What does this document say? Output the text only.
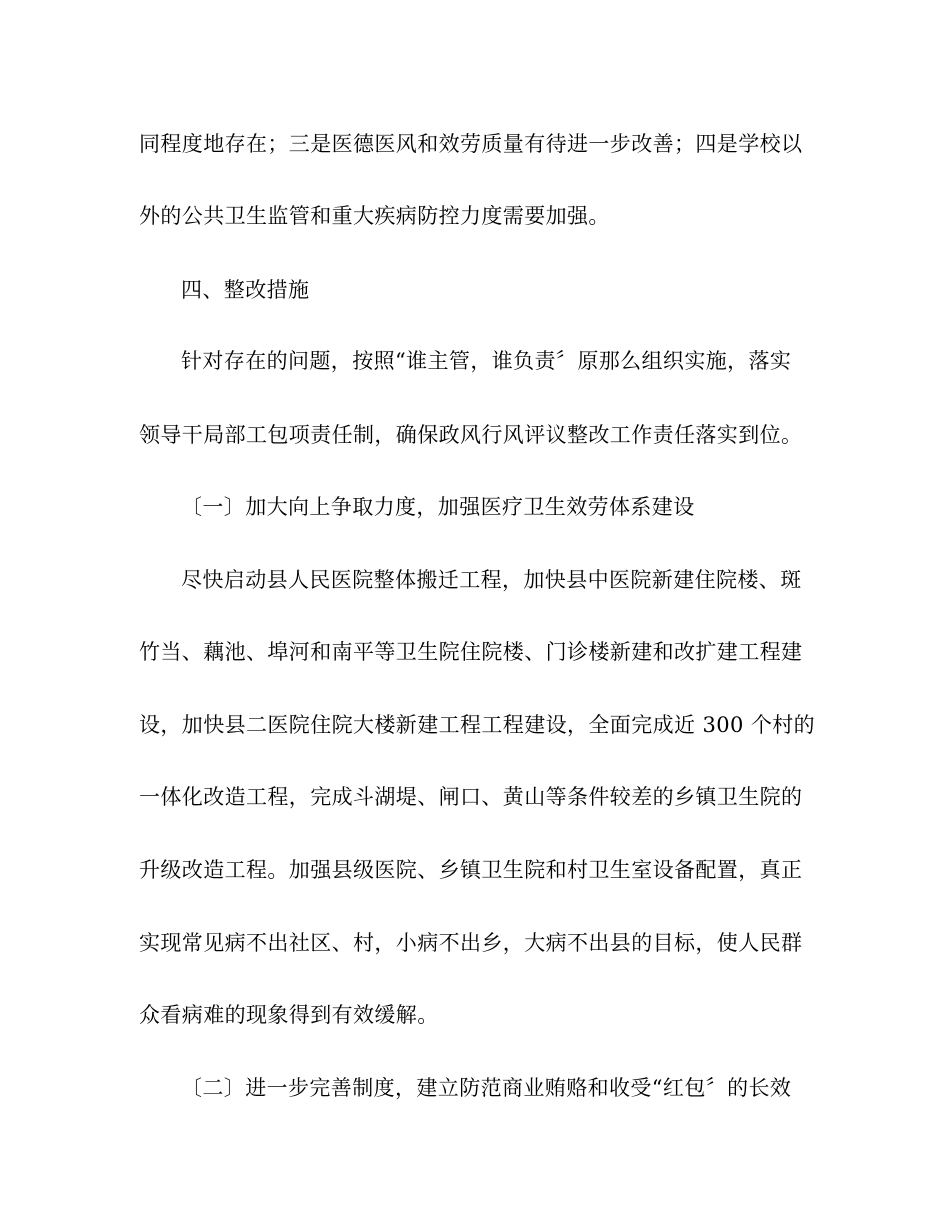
同程度地存在；三是医德医风和效劳质量有待进一步改善；四是学校以
外的公共卫生监管和重大疾病防控力度需要加强。
四、整改措施
针对存在的问题，按照“谁主管，谁负责〞原那么组织实施，落实
领导干局部工包项责任制，确保政风行风评议整改工作责任落实到位。
〔一〕加大向上争取力度，加强医疗卫生效劳体系建设
尽快启动县人民医院整体搬迁工程，加快县中医院新建住院楼、斑
竹当、藕池、埠河和南平等卫生院住院楼、门诊楼新建和改扩建工程建
设，加快县二医院住院大楼新建工程工程建设，全面完成近 300 个村的
一体化改造工程，完成斗湖堤、闸口、黄山等条件较差的乡镇卫生院的
升级改造工程。加强县级医院、乡镇卫生院和村卫生室设备配置，真正
实现常见病不出社区、村，小病不出乡，大病不出县的目标，使人民群
众看病难的现象得到有效缓解。
〔二〕进一步完善制度，建立防范商业贿赂和收受“红包〞的长效
